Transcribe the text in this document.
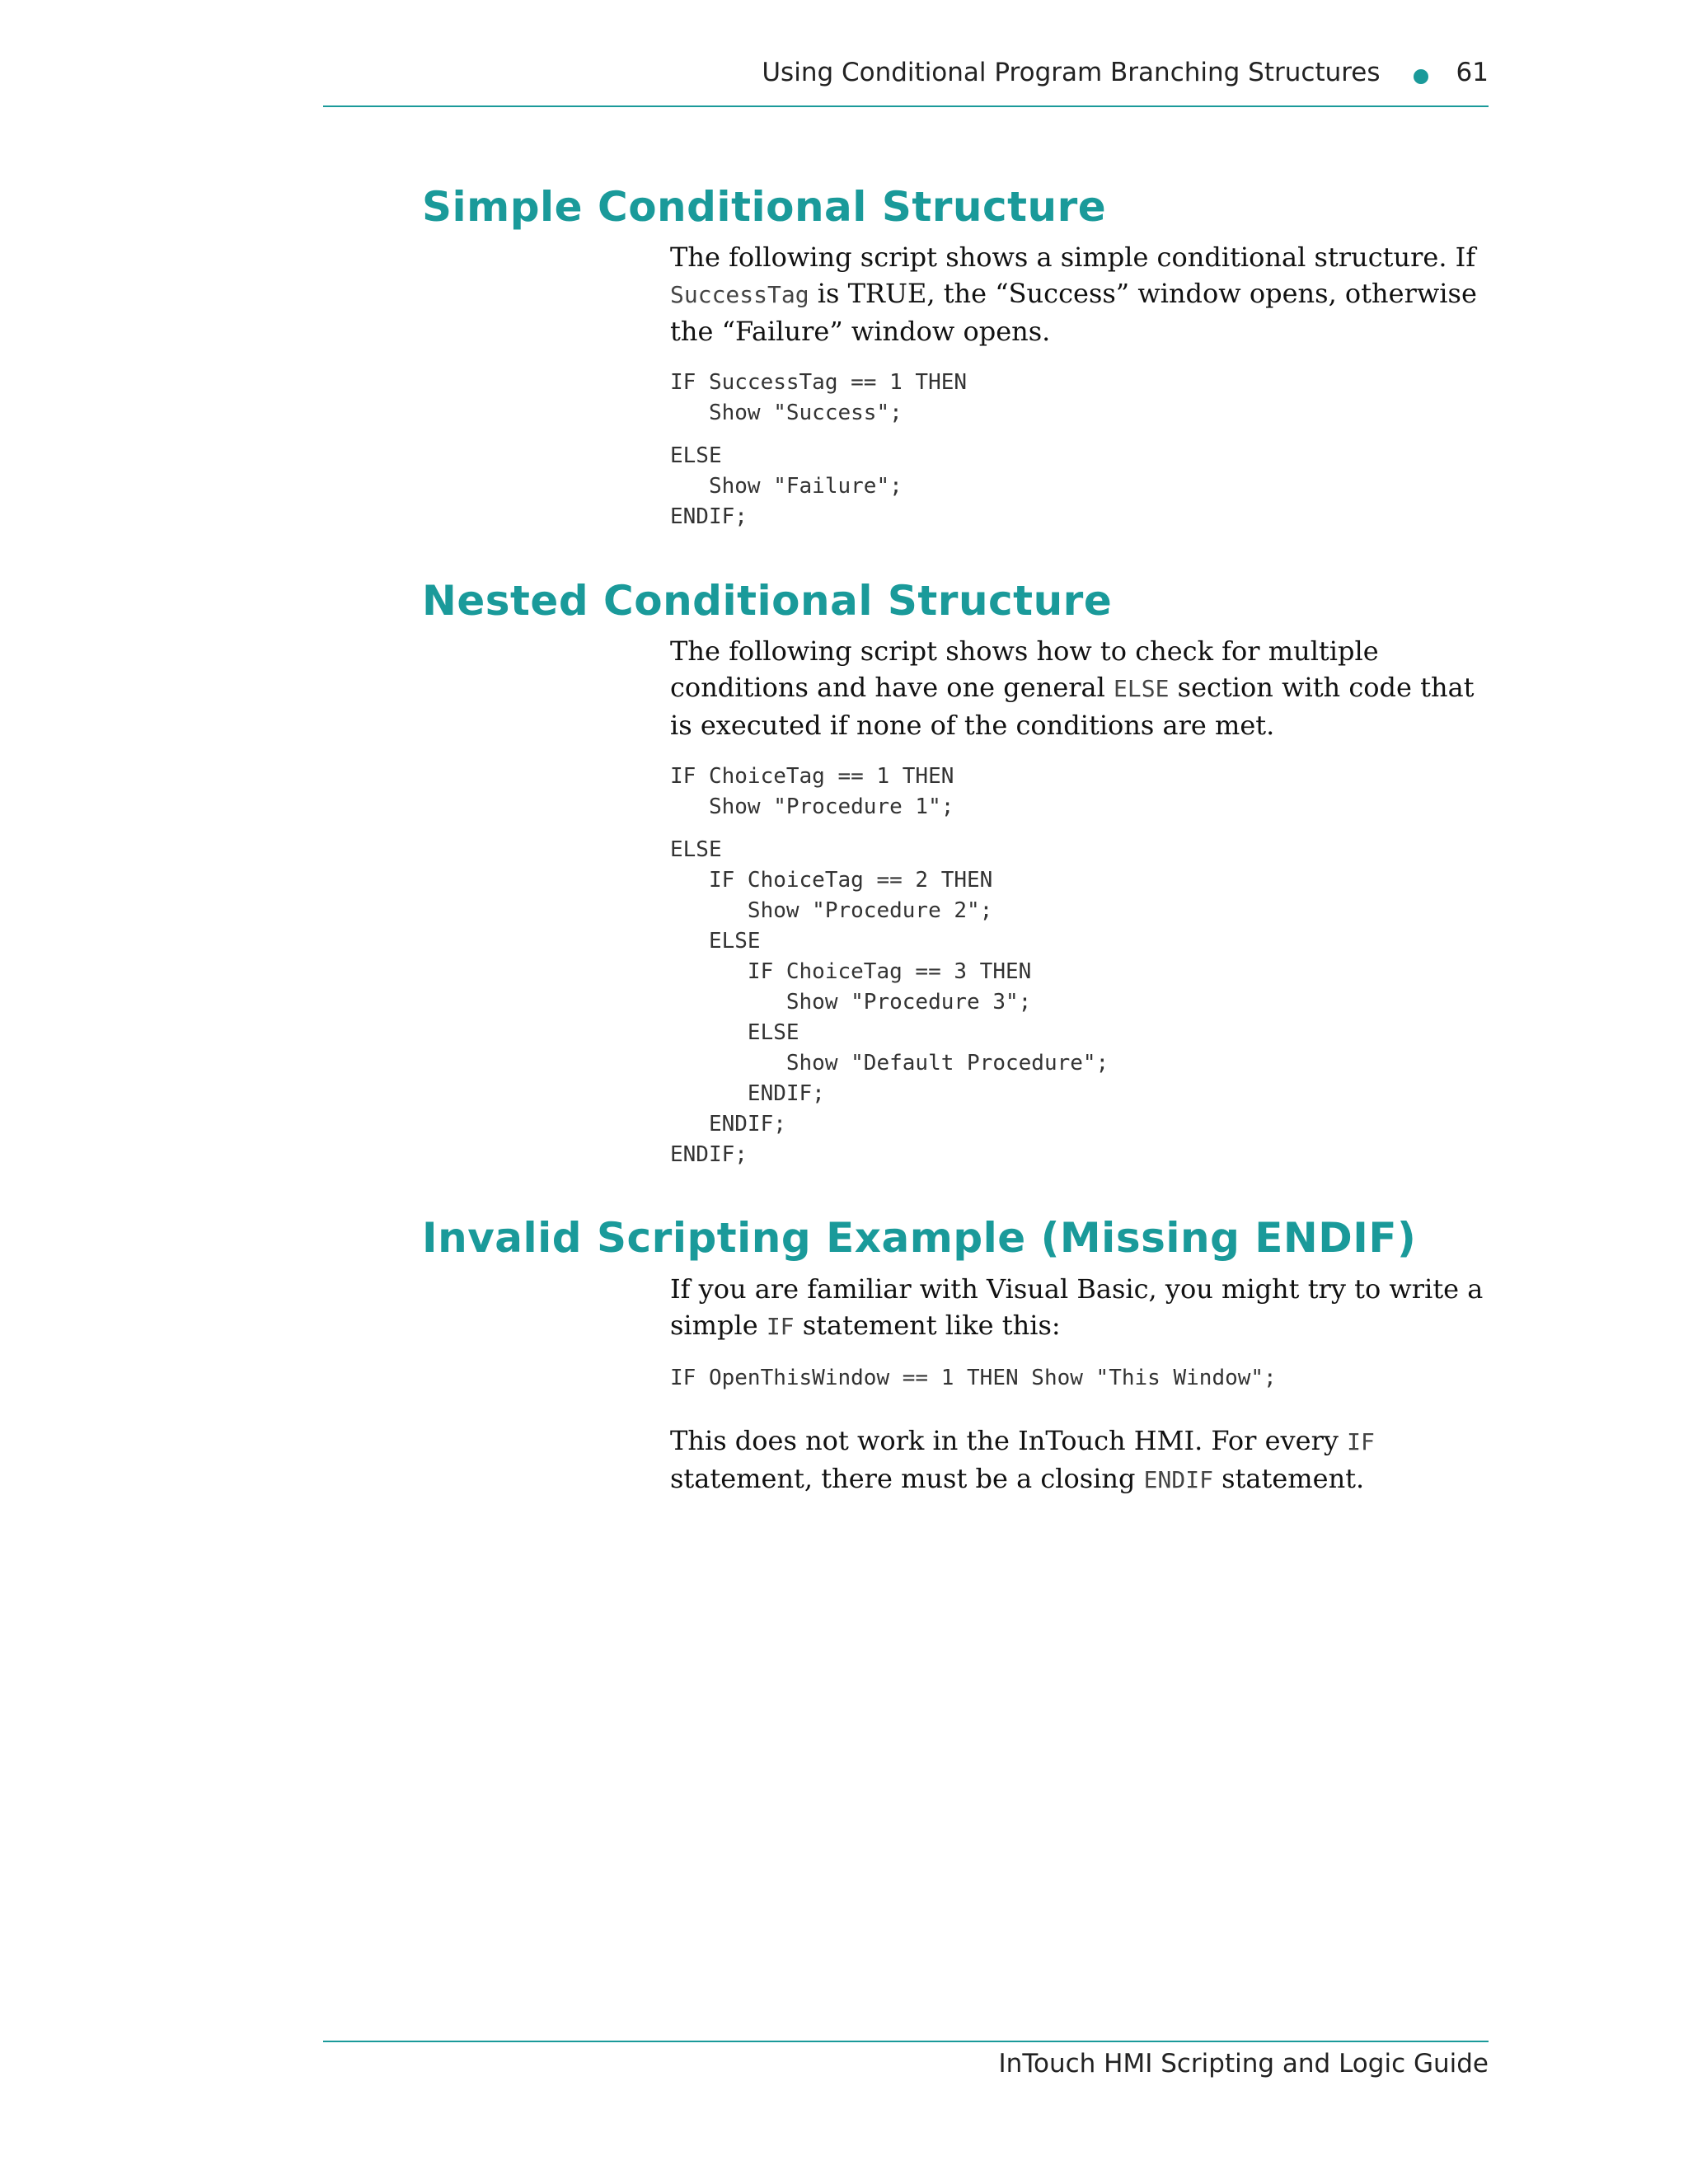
Using Conditional Program Branching Structures	61
Simple Conditional Structure

The following script shows a simple conditional structure. If SuccessTag is TRUE, the “Success” window opens, otherwise the “Failure” window opens.

IF SuccessTag == 1 THEN
Show "Success";
ELSE
Show "Failure";
ENDIF;
Nested Conditional Structure

The following script shows how to check for multiple conditions and have one general ELSE section with code that is executed if none of the conditions are met.

IF ChoiceTag == 1 THEN
Show "Procedure 1";
ELSE
IF ChoiceTag == 2 THEN
Show "Procedure 2";
ELSE
IF ChoiceTag == 3 THEN
Show "Procedure 3";
ELSE
Show "Default Procedure";
ENDIF;
ENDIF;
ENDIF;
Invalid Scripting Example (Missing ENDIF)

If you are familiar with Visual Basic, you might try to write a simple IF statement like this:

IF OpenThisWindow == 1 THEN Show "This Window";

This does not work in the InTouch HMI. For every IF statement, there must be a closing ENDIF statement.

InTouch HMI Scripting and Logic Guide
